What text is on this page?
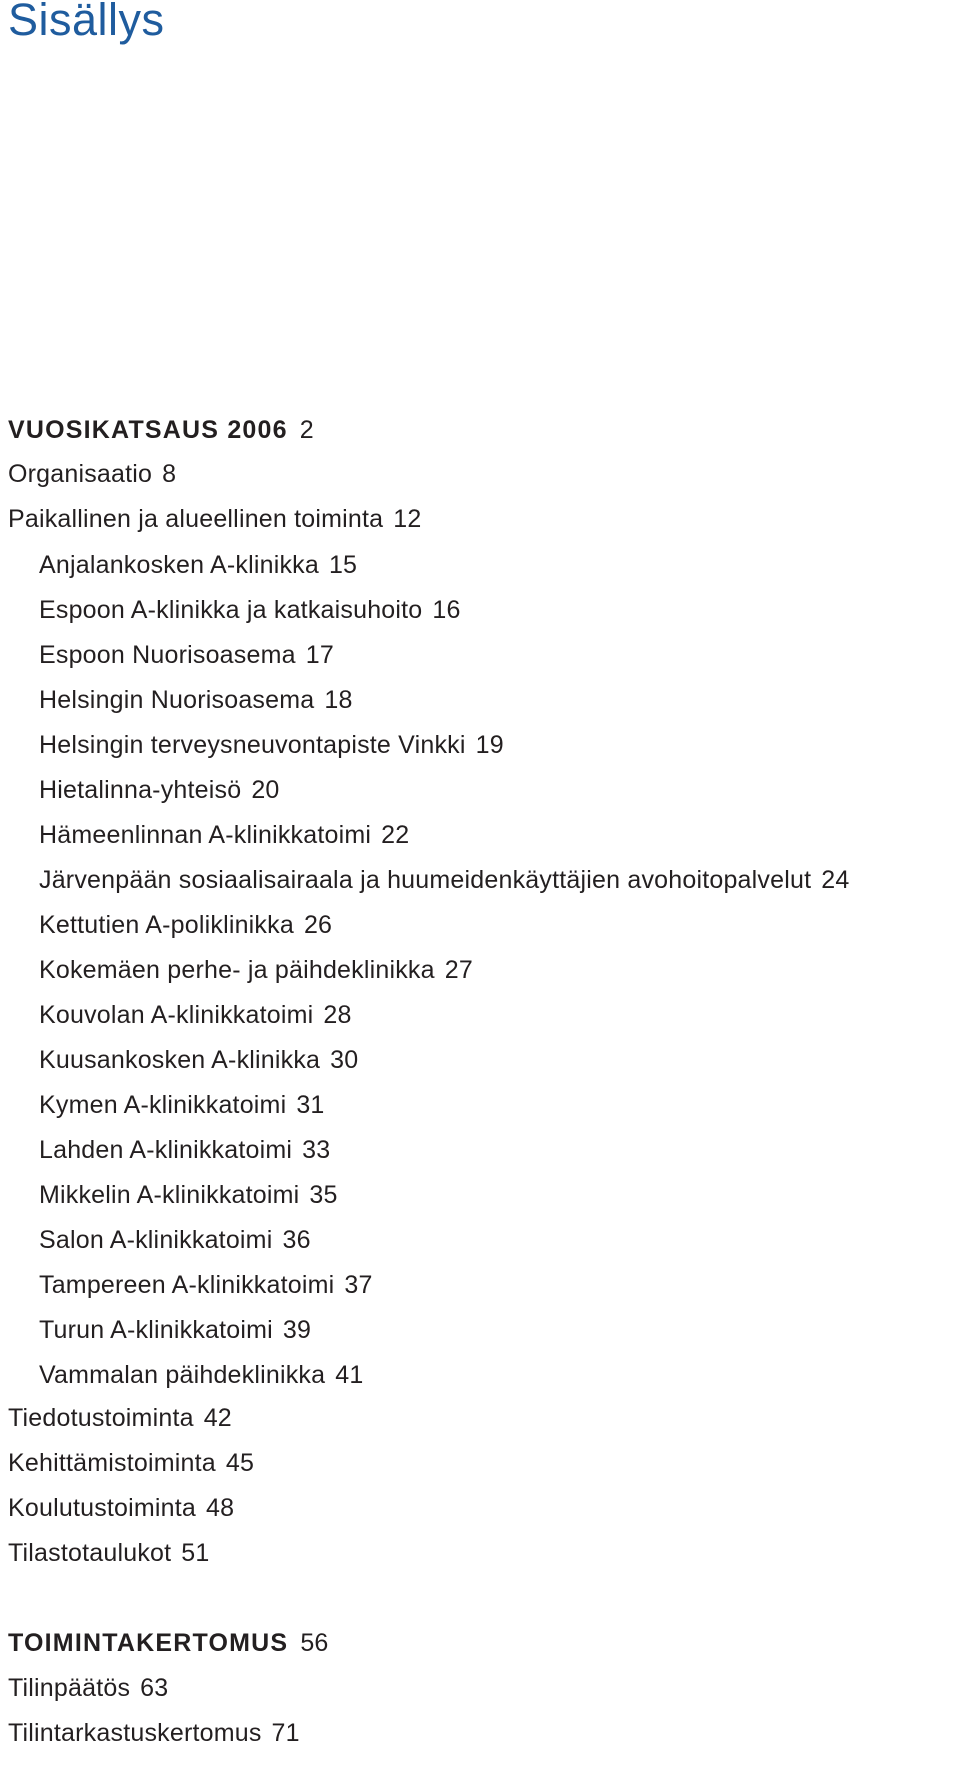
Sisällys
VUOSIKATSAUS 2006 2
Organisaatio 8
Paikallinen ja alueellinen toiminta 12
Anjalankosken A-klinikka 15
Espoon A-klinikka ja katkaisuhoito 16
Espoon Nuorisoasema 17
Helsingin Nuorisoasema 18
Helsingin terveysneuvontapiste Vinkki 19
Hietalinna-yhteisö 20
Hämeenlinnan A-klinikkatoimi 22
Järvenpään sosiaalisairaala ja huumeidenkäyttäjien avohoitopalvelut 24
Kettutien A-poliklinikka 26
Kokemäen perhe- ja päihdeklinikka 27
Kouvolan A-klinikkatoimi 28
Kuusankosken A-klinikka 30
Kymen A-klinikkatoimi 31
Lahden A-klinikkatoimi 33
Mikkelin A-klinikkatoimi 35
Salon A-klinikkatoimi 36
Tampereen A-klinikkatoimi 37
Turun A-klinikkatoimi 39
Vammalan päihdeklinikka 41
Tiedotustoiminta 42
Kehittämistoiminta 45
Koulutustoiminta 48
Tilastotaulukot 51
TOIMINTAKERTOMUS 56
Tilinpäätös 63
Tilintarkastuskertomus 71
